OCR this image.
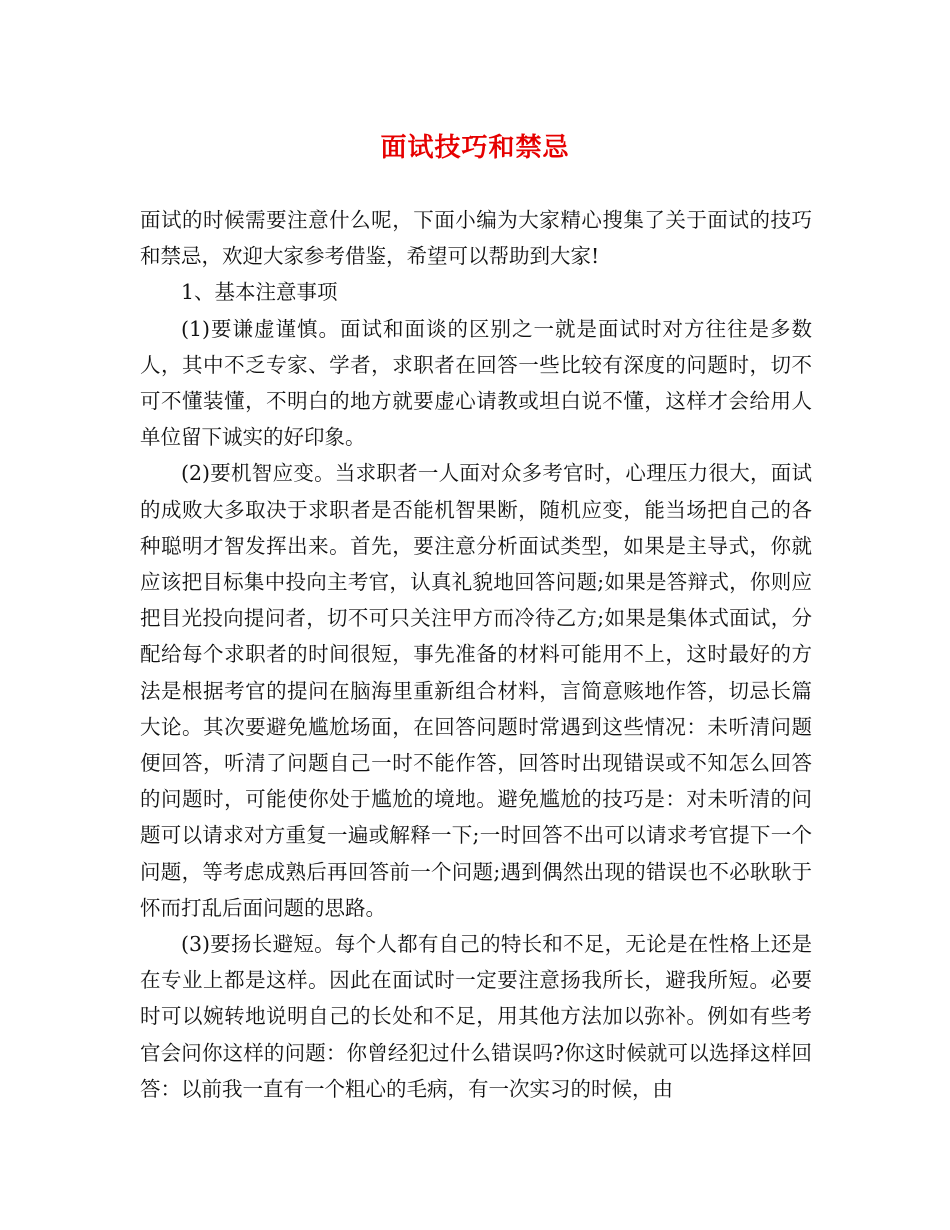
面试技巧和禁忌

面试的时候需要注意什么呢，下面小编为大家精心搜集了关于面试的技巧和禁忌，欢迎大家参考借鉴，希望可以帮助到大家!

1、基本注意事项

(1)要谦虚谨慎。面试和面谈的区别之一就是面试时对方往往是多数人，其中不乏专家、学者，求职者在回答一些比较有深度的问题时，切不可不懂装懂，不明白的地方就要虚心请教或坦白说不懂，这样才会给用人单位留下诚实的好印象。

(2)要机智应变。当求职者一人面对众多考官时，心理压力很大，面试的成败大多取决于求职者是否能机智果断，随机应变，能当场把自己的各种聪明才智发挥出来。首先，要注意分析面试类型，如果是主导式，你就应该把目标集中投向主考官，认真礼貌地回答问题;如果是答辩式，你则应把目光投向提问者，切不可只关注甲方而冷待乙方;如果是集体式面试，分配给每个求职者的时间很短，事先准备的材料可能用不上，这时最好的方法是根据考官的提问在脑海里重新组合材料，言简意赅地作答，切忌长篇大论。其次要避免尴尬场面，在回答问题时常遇到这些情况：未听清问题便回答，听清了问题自己一时不能作答，回答时出现错误或不知怎么回答的问题时，可能使你处于尴尬的境地。避免尴尬的技巧是：对未听清的问题可以请求对方重复一遍或解释一下;一时回答不出可以请求考官提下一个问题，等考虑成熟后再回答前一个问题;遇到偶然出现的错误也不必耿耿于怀而打乱后面问题的思路。

(3)要扬长避短。每个人都有自己的特长和不足，无论是在性格上还是在专业上都是这样。因此在面试时一定要注意扬我所长，避我所短。必要时可以婉转地说明自己的长处和不足，用其他方法加以弥补。例如有些考官会问你这样的问题：你曾经犯过什么错误吗?你这时候就可以选择这样回答：以前我一直有一个粗心的毛病，有一次实习的时候，由
